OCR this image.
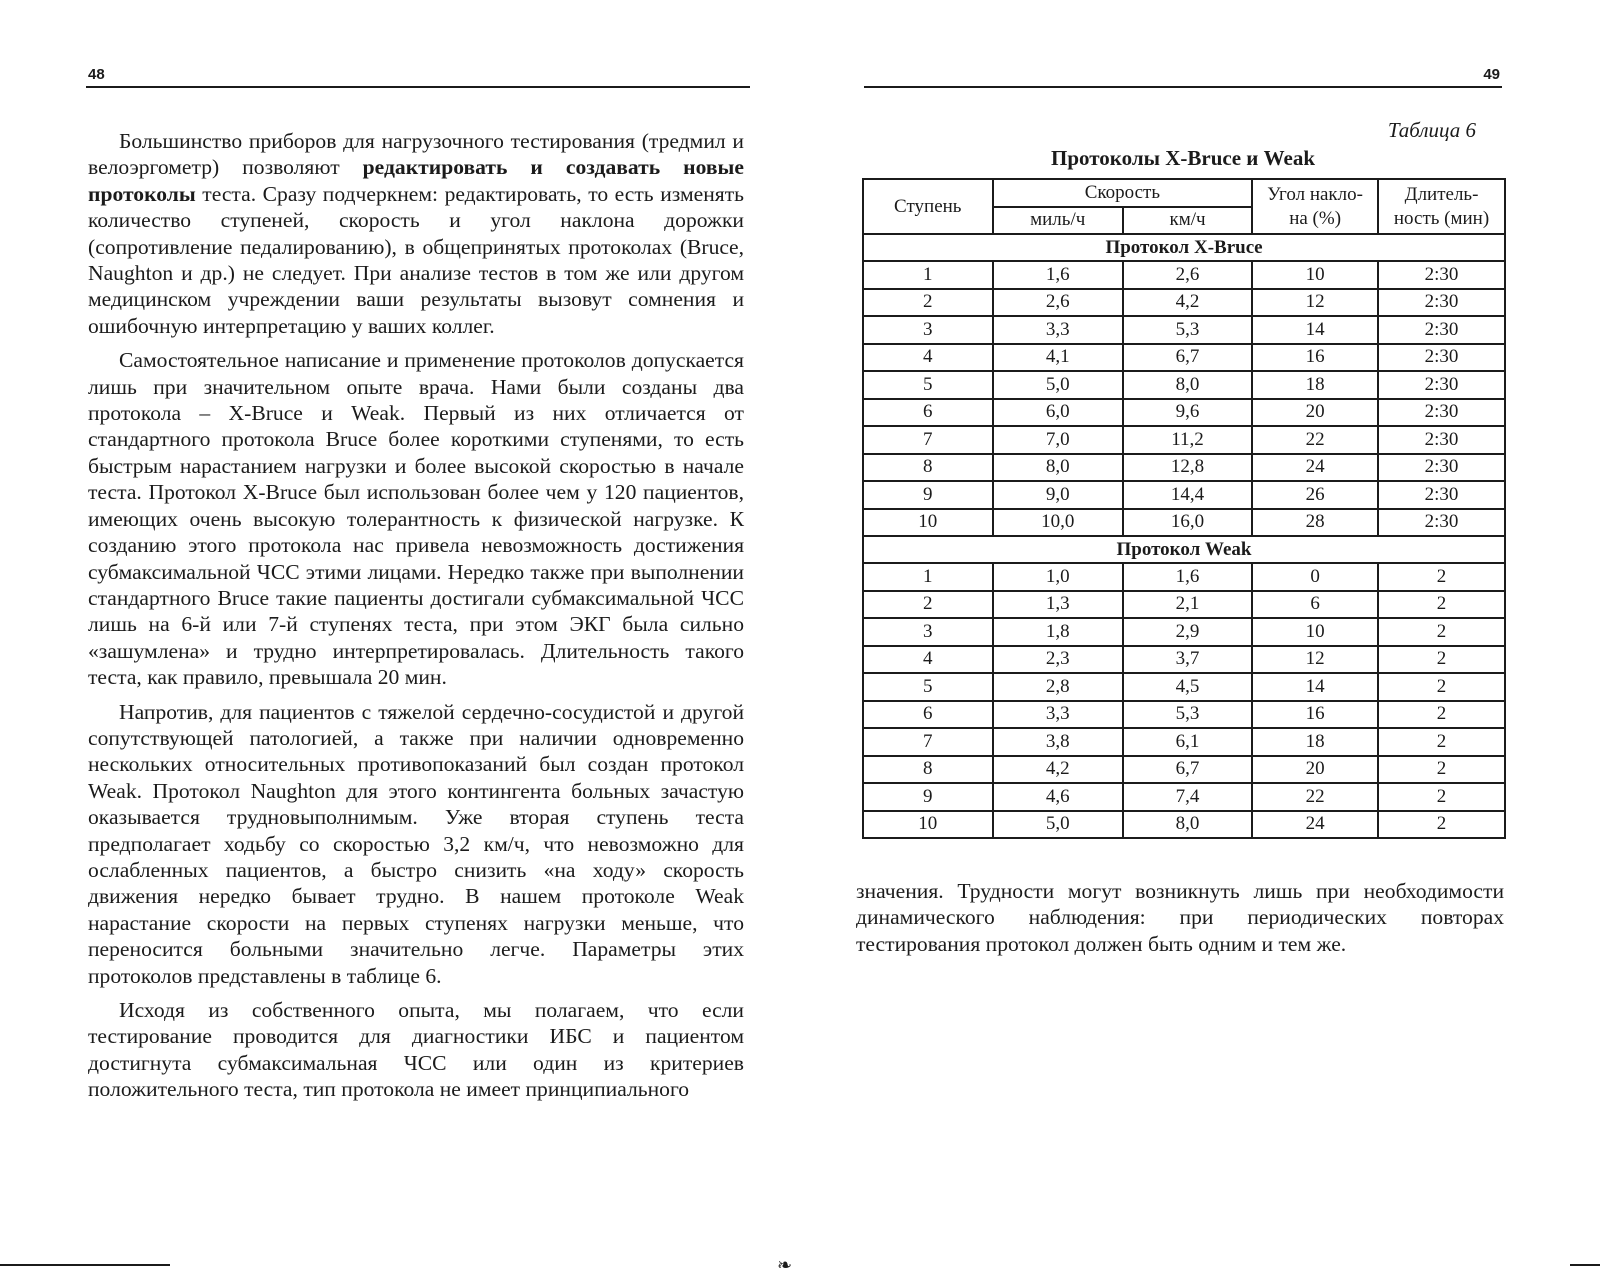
48

Большинство приборов для нагрузочного тестирования (тредмил и велоэргометр) позволяют редактировать и создавать новые протоколы теста. Сразу подчеркнем: редактировать, то есть изменять количество ступеней, скорость и угол наклона дорожки (сопротивление педалированию), в общепринятых протоколах (Bruce, Naughton и др.) не следует. При анализе тестов в том же или другом медицинском учреждении ваши результаты вызовут сомнения и ошибочную интерпретацию у ваших коллег.

Самостоятельное написание и применение протоколов допускается лишь при значительном опыте врача. Нами были созданы два протокола – X-Bruce и Weak. Первый из них отличается от стандартного протокола Bruce более короткими ступенями, то есть быстрым нарастанием нагрузки и более высокой скоростью в начале теста. Протокол X-Bruce был использован более чем у 120 пациентов, имеющих очень высокую толерантность к физической нагрузке. К созданию этого протокола нас привела невозможность достижения субмаксимальной ЧСС этими лицами. Нередко также при выполнении стандартного Bruce такие пациенты достигали субмаксимальной ЧСС лишь на 6-й или 7-й ступенях теста, при этом ЭКГ была сильно «зашумлена» и трудно интерпретировалась. Длительность такого теста, как правило, превышала 20 мин.

Напротив, для пациентов с тяжелой сердечно-сосудистой и другой сопутствующей патологией, а также при наличии одновременно нескольких относительных противопоказаний был создан протокол Weak. Протокол Naughton для этого контингента больных зачастую оказывается трудновыполнимым. Уже вторая ступень теста предполагает ходьбу со скоростью 3,2 км/ч, что невозможно для ослабленных пациентов, а быстро снизить «на ходу» скорость движения нередко бывает трудно. В нашем протоколе Weak нарастание скорости на первых ступенях нагрузки меньше, что переносится больными значительно легче. Параметры этих протоколов представлены в таблице 6.

Исходя из собственного опыта, мы полагаем, что если тестирование проводится для диагностики ИБС и пациентом достигнута субмаксимальная ЧСС или один из критериев положительного теста, тип протокола не имеет принципиального

49
Таблица 6
Протоколы X-Bruce и Weak
Ступень	Скорость		Угол накло-на (%)	Длитель-ность (мин)
	миль/ч	км/ч		
Протокол X-Bruce				
1	1,6	2,6	10	2:30
2	2,6	4,2	12	2:30
3	3,3	5,3	14	2:30
4	4,1	6,7	16	2:30
5	5,0	8,0	18	2:30
6	6,0	9,6	20	2:30
7	7,0	11,2	22	2:30
8	8,0	12,8	24	2:30
9	9,0	14,4	26	2:30
10	10,0	16,0	28	2:30
Протокол Weak				
1	1,0	1,6	0	2
2	1,3	2,1	6	2
3	1,8	2,9	10	2
4	2,3	3,7	12	2
5	2,8	4,5	14	2
6	3,3	5,3	16	2
7	3,8	6,1	18	2
8	4,2	6,7	20	2
9	4,6	7,4	22	2
10	5,0	8,0	24	2
значения. Трудности могут возникнуть лишь при необходимости динамического наблюдения: при периодических повторах тестирования протокол должен быть одним и тем же.
❧
